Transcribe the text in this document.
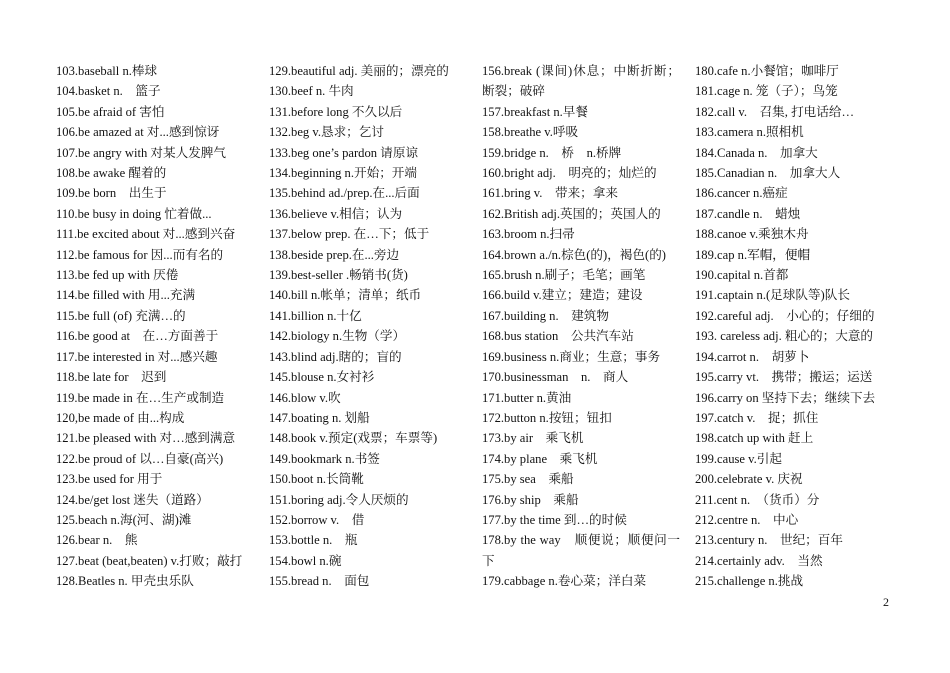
103.baseball n.棒球
104.basket n.　篮子
105.be afraid of 害怕
106.be amazed at 对...感到惊讶
107.be angry with 对某人发脾气
108.be awake 醒着的
109.be born　出生于
110.be busy in doing 忙着做...
111.be excited about 对...感到兴奋
112.be famous for 因...而有名的
113.be fed up with 厌倦
114.be filled with 用...充满
115.be full (of) 充满…的
116.be good at　在…方面善于
117.be interested in 对...感兴趣
118.be late for　迟到
119.be made in 在…生产或制造
120,be made of 由...构成
121.be pleased with 对…感到满意
122.be proud of 以…自豪(高兴)
123.be used for 用于
124.be/get lost 迷失（道路）
125.beach n.海(河、湖)滩
126.bear n.　熊
127.beat (beat,beaten) v.打败；敲打
128.Beatles n. 甲壳虫乐队
129.beautiful adj. 美丽的；漂亮的
130.beef n. 牛肉
131.before long 不久以后
132.beg v.恳求；乞讨
133.beg one’s pardon 请原谅
134.beginning n.开始；开端
135.behind ad./prep.在...后面
136.believe v.相信；认为
137.below prep. 在…下；低于
138.beside prep.在...旁边
139.best-seller .畅销书(货)
140.bill n.帐单；清单；纸币
141.billion n.十亿
142.biology n.生物（学）
143.blind adj.瞎的；盲的
145.blouse n.女衬衫
146.blow v.吹
147.boating n. 划船
148.book v.预定(戏票；车票等)
149.bookmark n.书签
150.boot n.长筒靴
151.boring adj.令人厌烦的
152.borrow v.　借
153.bottle n.　瓶
154.bowl n.碗
155.bread n.　面包
156.break (课间)休息；中断折断；断裂；破碎
157.breakfast n.早餐
158.breathe v.呼吸
159.bridge n.　桥　n.桥牌
160.bright adj.　明亮的；灿烂的
161.bring v.　带来；拿来
162.British adj.英国的；英国人的
163.broom n.扫帚
164.brown a./n.棕色(的)，褐色(的)
165.brush n.刷子；毛笔；画笔
166.build v.建立；建造；建设
167.building n.　建筑物
168.bus station　公共汽车站
169.business n.商业；生意；事务
170.businessman　n.　商人
171.butter n.黄油
172.button n.按钮；钮扣
173.by air　乘飞机
174.by plane　乘飞机
175.by sea　乘船
176.by ship　乘船
177.by the time 到…的时候
178.by the way　顺便说；顺便问一下
179.cabbage n.卷心菜；洋白菜
180.cafe n.小餐馆；咖啡厅
181.cage n. 笼（子）；鸟笼
182.call v.　召集, 打电话给…
183.camera n.照相机
184.Canada n.　加拿大
185.Canadian n.　加拿大人
186.cancer n.癌症
187.candle n.　蜡烛
188.canoe v.乘独木舟
189.cap n.军帽，便帽
190.capital n.首都
191.captain n.(足球队等)队长
192.careful adj.　小心的；仔细的
193. careless adj. 粗心的；大意的
194.carrot n.　胡萝卜
195.carry vt.　携带；搬运；运送
196.carry on 坚持下去；继续下去
197.catch v.　捉；抓住
198.catch up with 赶上
199.cause v.引起
200.celebrate v. 庆祝
211.cent n.　（货币）分
212.centre n.　中心
213.century n.　世纪；百年
214.certainly adv.　当然
215.challenge n.挑战
2
